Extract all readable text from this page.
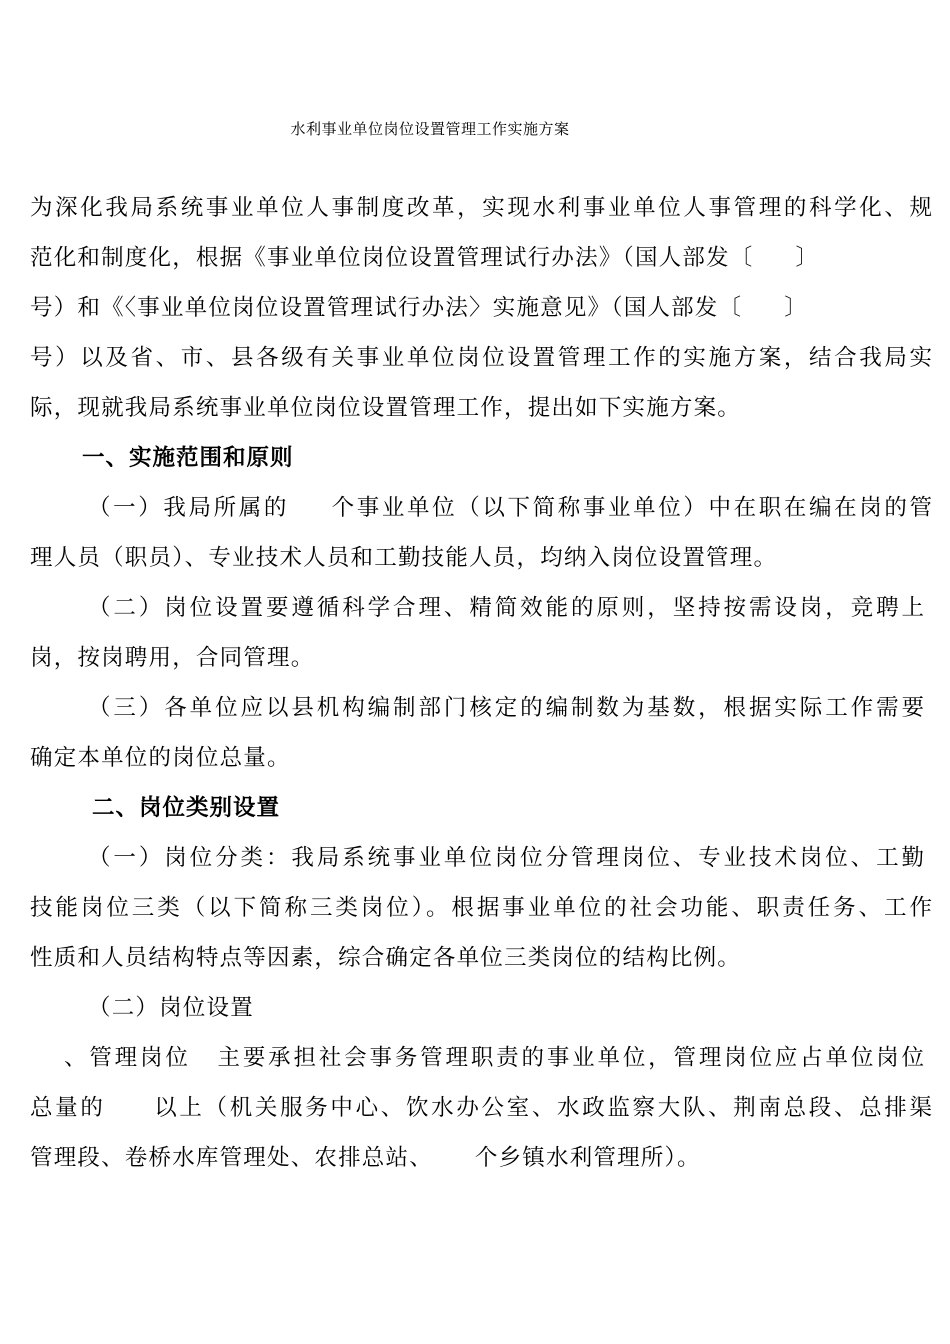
水利事业单位岗位设置管理工作实施方案
为深化我局系统事业单位人事制度改革，实现水利事业单位人事管理的科学化、规
范化和制度化，根据《事业单位岗位设置管理试行办法》（国人部发〔 〕
号）和《〈事业单位岗位设置管理试行办法〉实施意见》（国人部发〔 〕
号）以及省、市、县各级有关事业单位岗位设置管理工作的实施方案，结合我局实
际，现就我局系统事业单位岗位设置管理工作，提出如下实施方案。
一、实施范围和原则
（一）我局所属的 个事业单位（以下简称事业单位）中在职在编在岗的管
理人员（职员）、专业技术人员和工勤技能人员，均纳入岗位设置管理。
（二）岗位设置要遵循科学合理、精简效能的原则，坚持按需设岗，竞聘上
岗，按岗聘用，合同管理。
（三）各单位应以县机构编制部门核定的编制数为基数，根据实际工作需要
确定本单位的岗位总量。
二、岗位类别设置
（一）岗位分类：我局系统事业单位岗位分管理岗位、专业技术岗位、工勤
技能岗位三类（以下简称三类岗位）。根据事业单位的社会功能、职责任务、工作
性质和人员结构特点等因素，综合确定各单位三类岗位的结构比例。
（二）岗位设置
、管理岗位 主要承担社会事务管理职责的事业单位，管理岗位应占单位岗位
总量的 以上（机关服务中心、饮水办公室、水政监察大队、荆南总段、总排渠
管理段、卷桥水库管理处、农排总站、 个乡镇水利管理所）。
